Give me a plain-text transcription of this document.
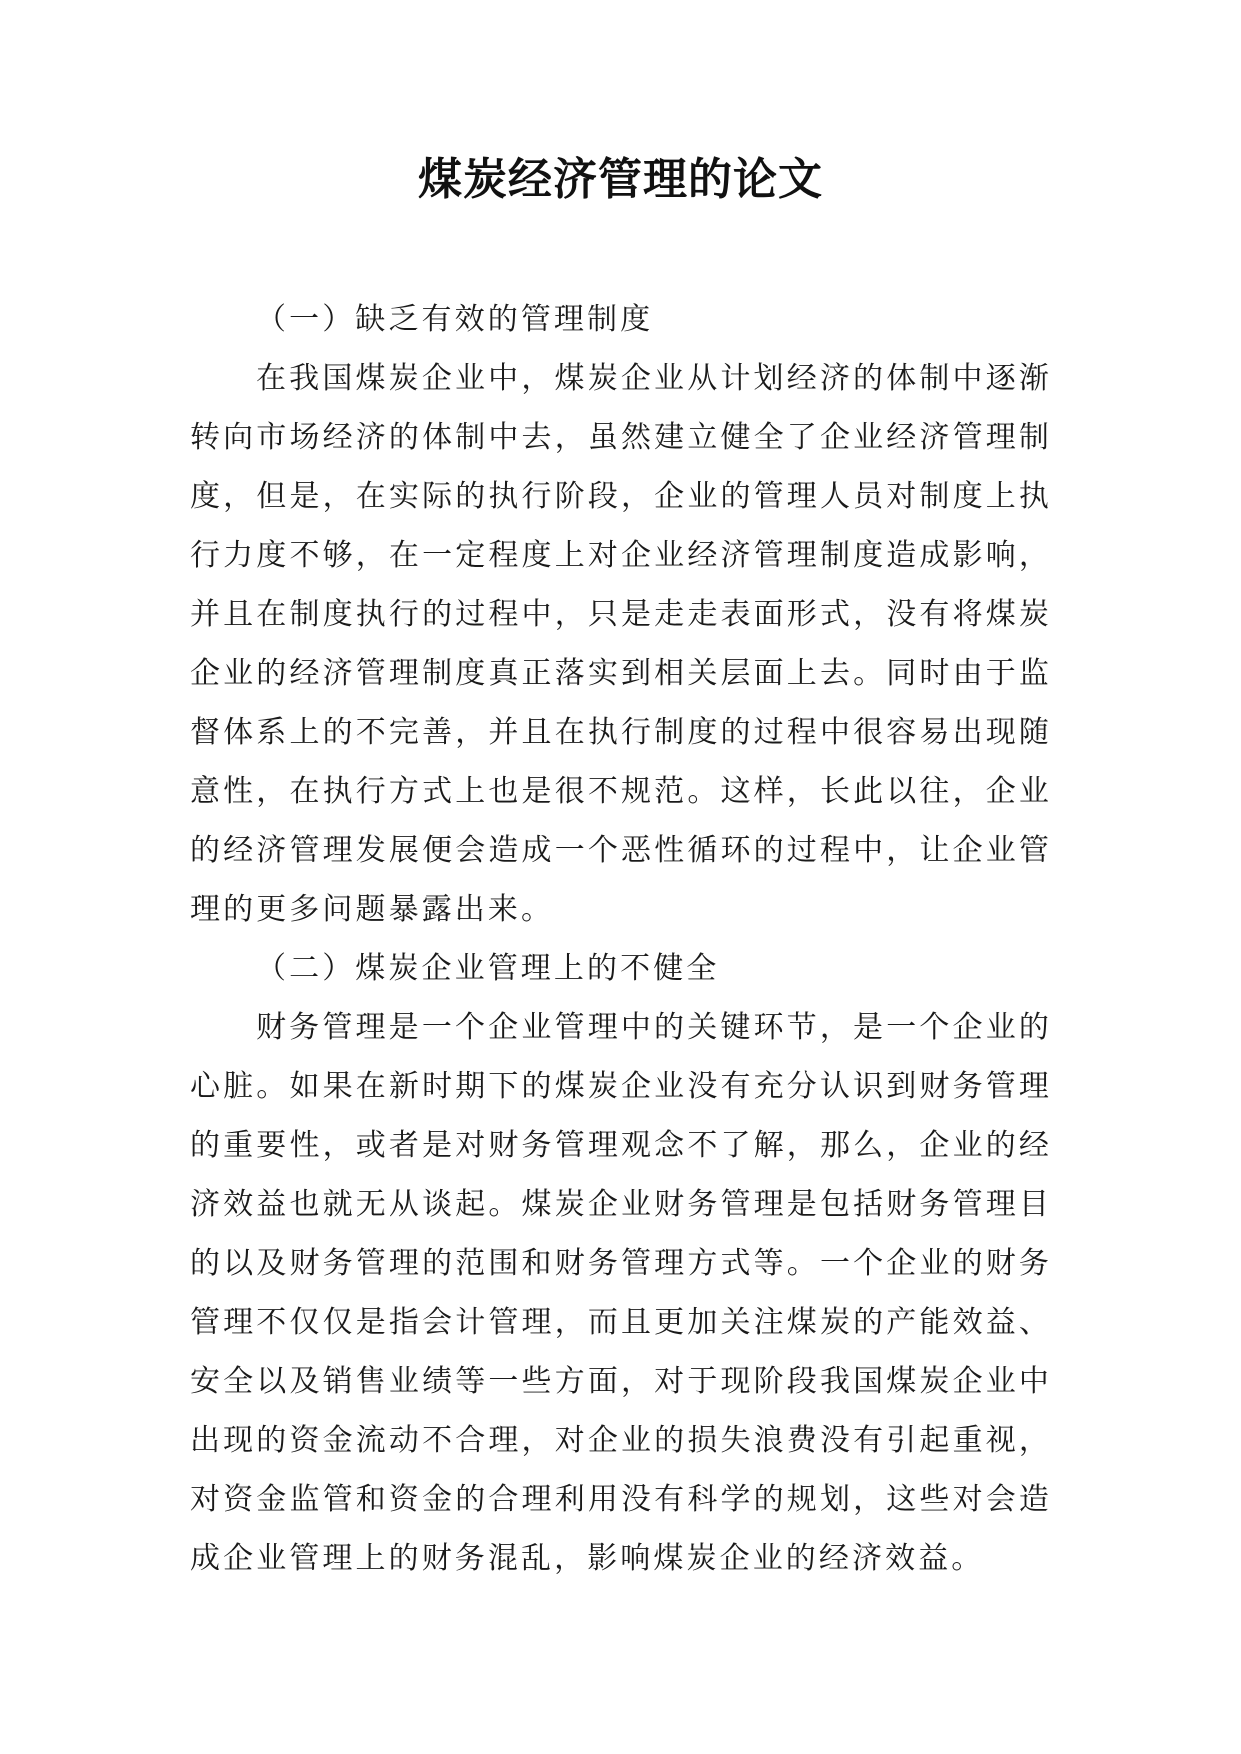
煤炭经济管理的论文

（一）缺乏有效的管理制度

在我国煤炭企业中，煤炭企业从计划经济的体制中逐渐转向市场经济的体制中去，虽然建立健全了企业经济管理制度，但是，在实际的执行阶段，企业的管理人员对制度上执行力度不够，在一定程度上对企业经济管理制度造成影响，并且在制度执行的过程中，只是走走表面形式，没有将煤炭企业的经济管理制度真正落实到相关层面上去。同时由于监督体系上的不完善，并且在执行制度的过程中很容易出现随意性，在执行方式上也是很不规范。这样，长此以往，企业的经济管理发展便会造成一个恶性循环的过程中，让企业管理的更多问题暴露出来。

（二）煤炭企业管理上的不健全

财务管理是一个企业管理中的关键环节，是一个企业的心脏。如果在新时期下的煤炭企业没有充分认识到财务管理的重要性，或者是对财务管理观念不了解，那么，企业的经济效益也就无从谈起。煤炭企业财务管理是包括财务管理目的以及财务管理的范围和财务管理方式等。一个企业的财务管理不仅仅是指会计管理，而且更加关注煤炭的产能效益、安全以及销售业绩等一些方面，对于现阶段我国煤炭企业中出现的资金流动不合理，对企业的损失浪费没有引起重视，对资金监管和资金的合理利用没有科学的规划，这些对会造成企业管理上的财务混乱，影响煤炭企业的经济效益。
